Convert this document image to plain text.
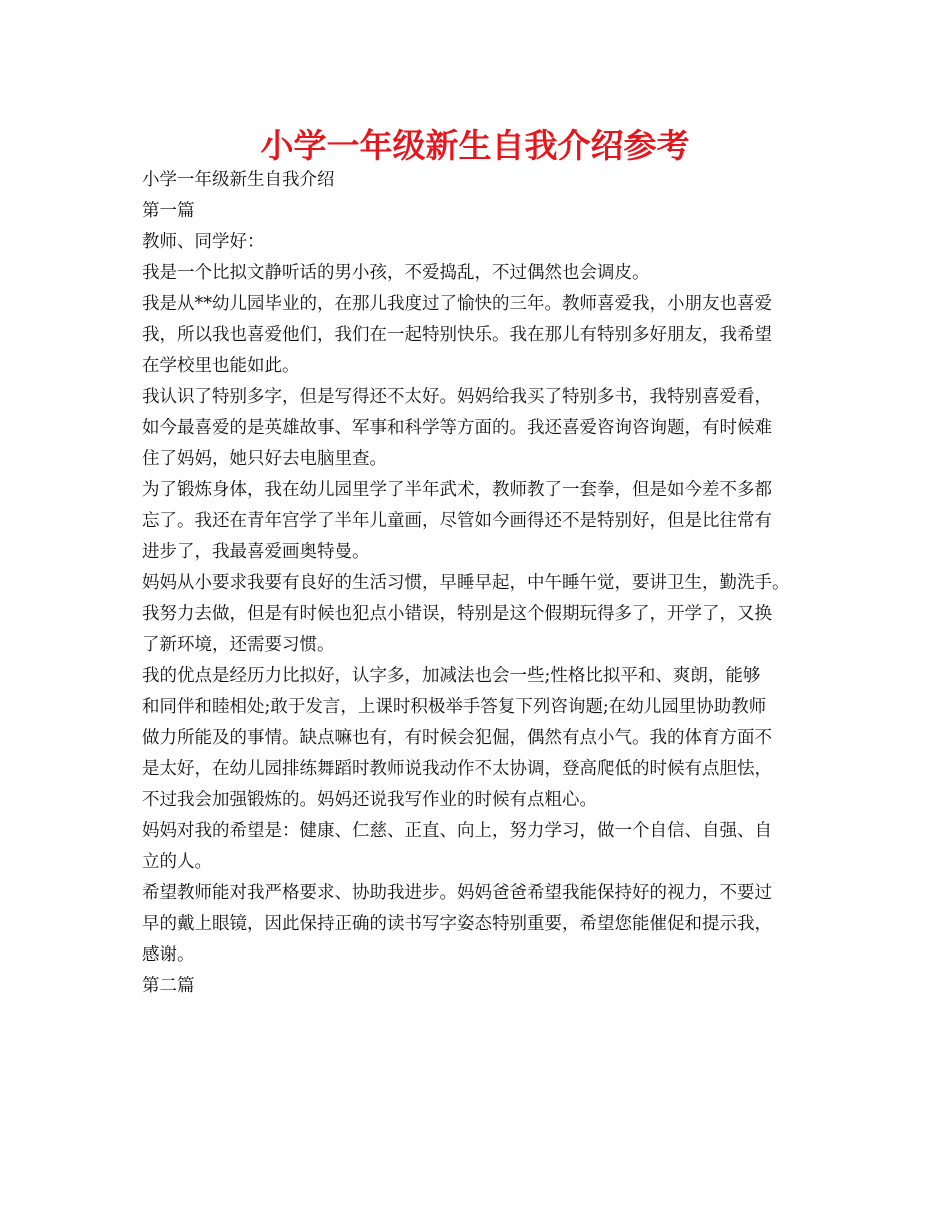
小学一年级新生自我介绍参考
小学一年级新生自我介绍
第一篇
教师、同学好：
我是一个比拟文静听话的男小孩，不爱捣乱，不过偶然也会调皮。
我是从**幼儿园毕业的，在那儿我度过了愉快的三年。教师喜爱我，小朋友也喜爱
我，所以我也喜爱他们，我们在一起特别快乐。我在那儿有特别多好朋友，我希望
在学校里也能如此。
我认识了特别多字，但是写得还不太好。妈妈给我买了特别多书，我特别喜爱看，
如今最喜爱的是英雄故事、军事和科学等方面的。我还喜爱咨询咨询题，有时候难
住了妈妈，她只好去电脑里查。
为了锻炼身体，我在幼儿园里学了半年武术，教师教了一套拳，但是如今差不多都
忘了。我还在青年宫学了半年儿童画，尽管如今画得还不是特别好，但是比往常有
进步了，我最喜爱画奥特曼。
妈妈从小要求我要有良好的生活习惯，早睡早起，中午睡午觉，要讲卫生，勤洗手。
我努力去做，但是有时候也犯点小错误，特别是这个假期玩得多了，开学了，又换
了新环境，还需要习惯。
我的优点是经历力比拟好，认字多，加减法也会一些;性格比拟平和、爽朗，能够
和同伴和睦相处;敢于发言，上课时积极举手答复下列咨询题;在幼儿园里协助教师
做力所能及的事情。缺点嘛也有，有时候会犯倔，偶然有点小气。我的体育方面不
是太好，在幼儿园排练舞蹈时教师说我动作不太协调，登高爬低的时候有点胆怯，
不过我会加强锻炼的。妈妈还说我写作业的时候有点粗心。
妈妈对我的希望是：健康、仁慈、正直、向上，努力学习，做一个自信、自强、自
立的人。
希望教师能对我严格要求、协助我进步。妈妈爸爸希望我能保持好的视力，不要过
早的戴上眼镜，因此保持正确的读书写字姿态特别重要，希望您能催促和提示我，
感谢。
第二篇
